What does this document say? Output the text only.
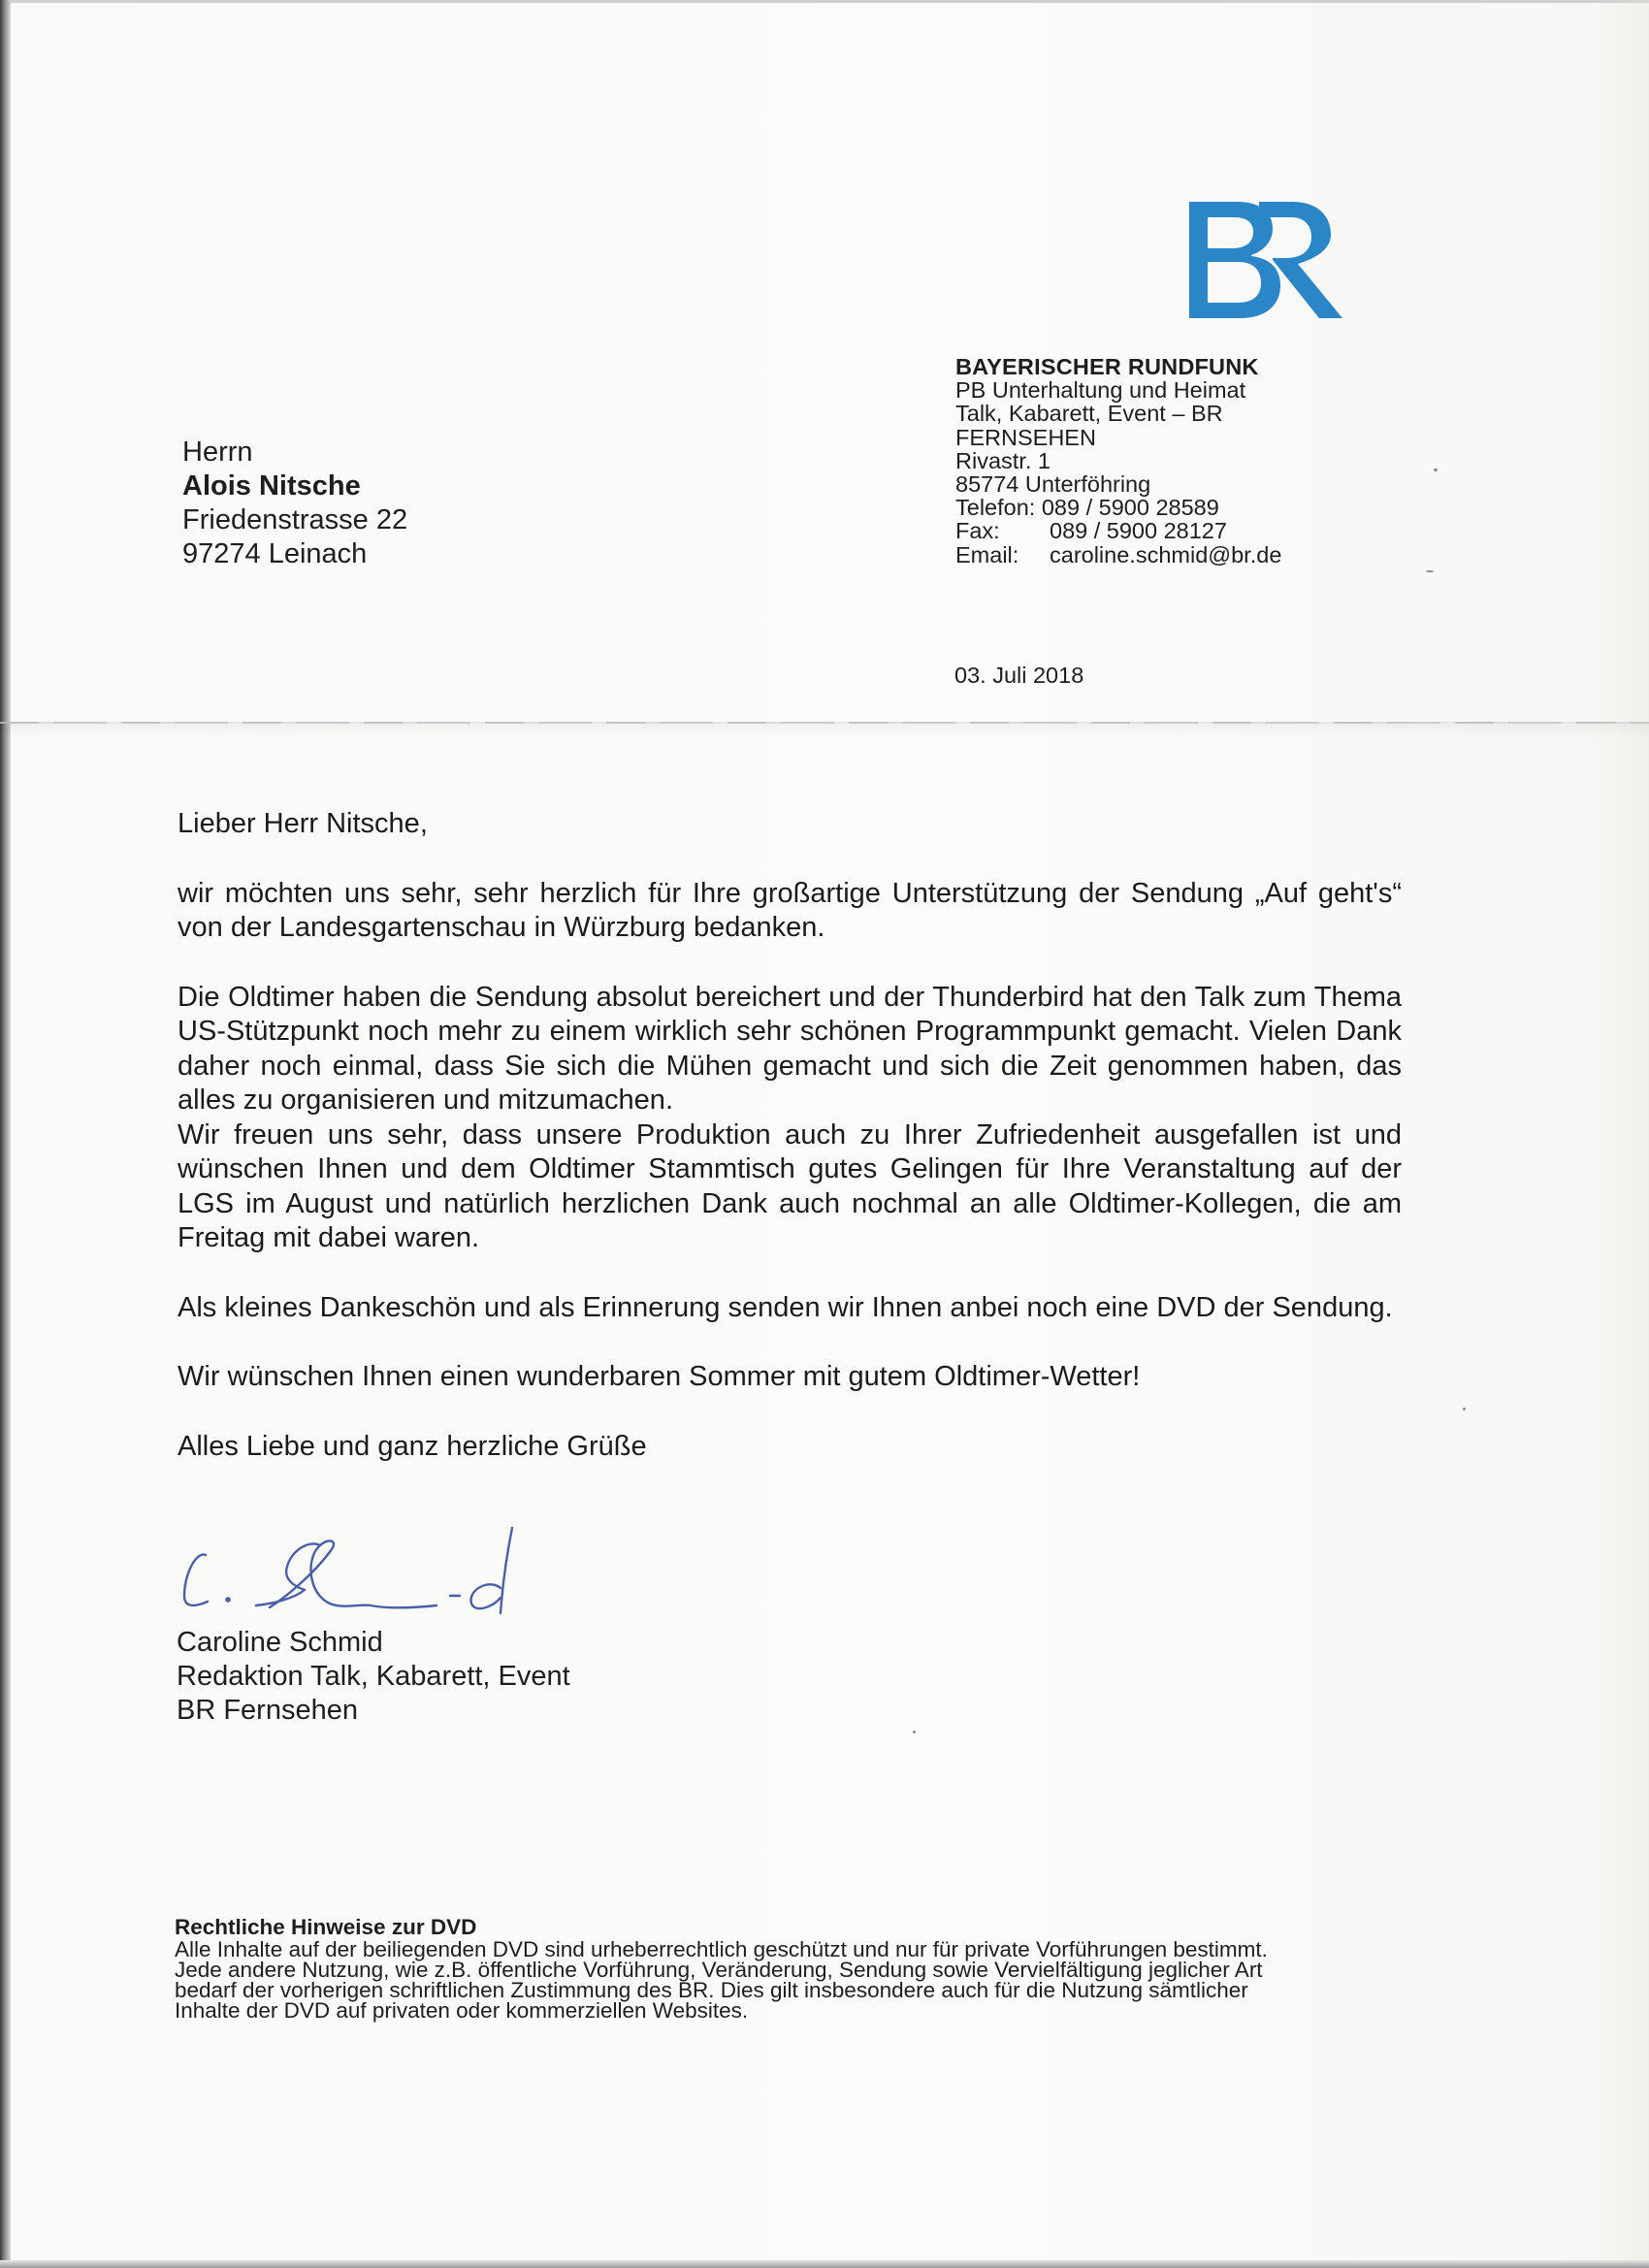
BAYERISCHER RUNDFUNK
PB Unterhaltung und Heimat
Talk, Kabarett, Event – BR
FERNSEHEN
Rivastr. 1
85774 Unterföhring
Telefon: 089 / 5900 28589
Fax: 089 / 5900 28127
Email: caroline.schmid@br.de
03. Juli 2018
Herrn
Alois Nitsche
Friedenstrasse 22
97274 Leinach

Lieber Herr Nitsche,

wir möchten uns sehr, sehr herzlich für Ihre großartige Unterstützung der Sendung „Auf geht's“ von der Landesgartenschau in Würzburg bedanken.

Die Oldtimer haben die Sendung absolut bereichert und der Thunderbird hat den Talk zum Thema US-Stützpunkt noch mehr zu einem wirklich sehr schönen Programmpunkt gemacht. Vielen Dank daher noch einmal, dass Sie sich die Mühen gemacht und sich die Zeit genommen haben, das alles zu organisieren und mitzumachen.

Wir freuen uns sehr, dass unsere Produktion auch zu Ihrer Zufriedenheit ausgefallen ist und wünschen Ihnen und dem Oldtimer Stammtisch gutes Gelingen für Ihre Veranstaltung auf der LGS im August und natürlich herzlichen Dank auch nochmal an alle Oldtimer-Kollegen, die am Freitag mit dabei waren.

Als kleines Dankeschön und als Erinnerung senden wir Ihnen anbei noch eine DVD der Sendung.

Wir wünschen Ihnen einen wunderbaren Sommer mit gutem Oldtimer-Wetter!

Alles Liebe und ganz herzliche Grüße

Caroline Schmid
Redaktion Talk, Kabarett, Event
BR Fernsehen
Rechtliche Hinweise zur DVD
Alle Inhalte auf der beiliegenden DVD sind urheberrechtlich geschützt und nur für private Vorführungen bestimmt.
Jede andere Nutzung, wie z.B. öffentliche Vorführung, Veränderung, Sendung sowie Vervielfältigung jeglicher Art
bedarf der vorherigen schriftlichen Zustimmung des BR. Dies gilt insbesondere auch für die Nutzung sämtlicher
Inhalte der DVD auf privaten oder kommerziellen Websites.
